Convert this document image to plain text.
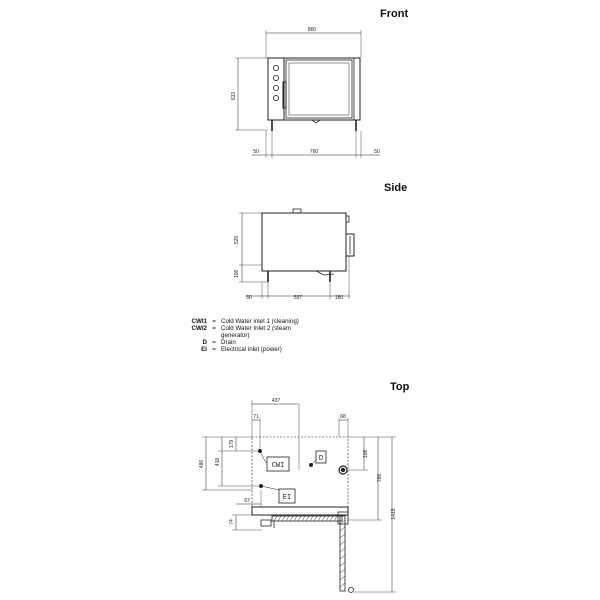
Front
Side
Top
860
633
50	760	50
525
108
50	537	180
CWI
D
EI
437
71	68
179
418
486
97
74
108
766
1415
CWI1 = Cold Water inlet 1 (cleaning)
CWI2 = Cold Water Inlet 2 (steam generator)
D = Drain
EI = Electrical inlet (power)
